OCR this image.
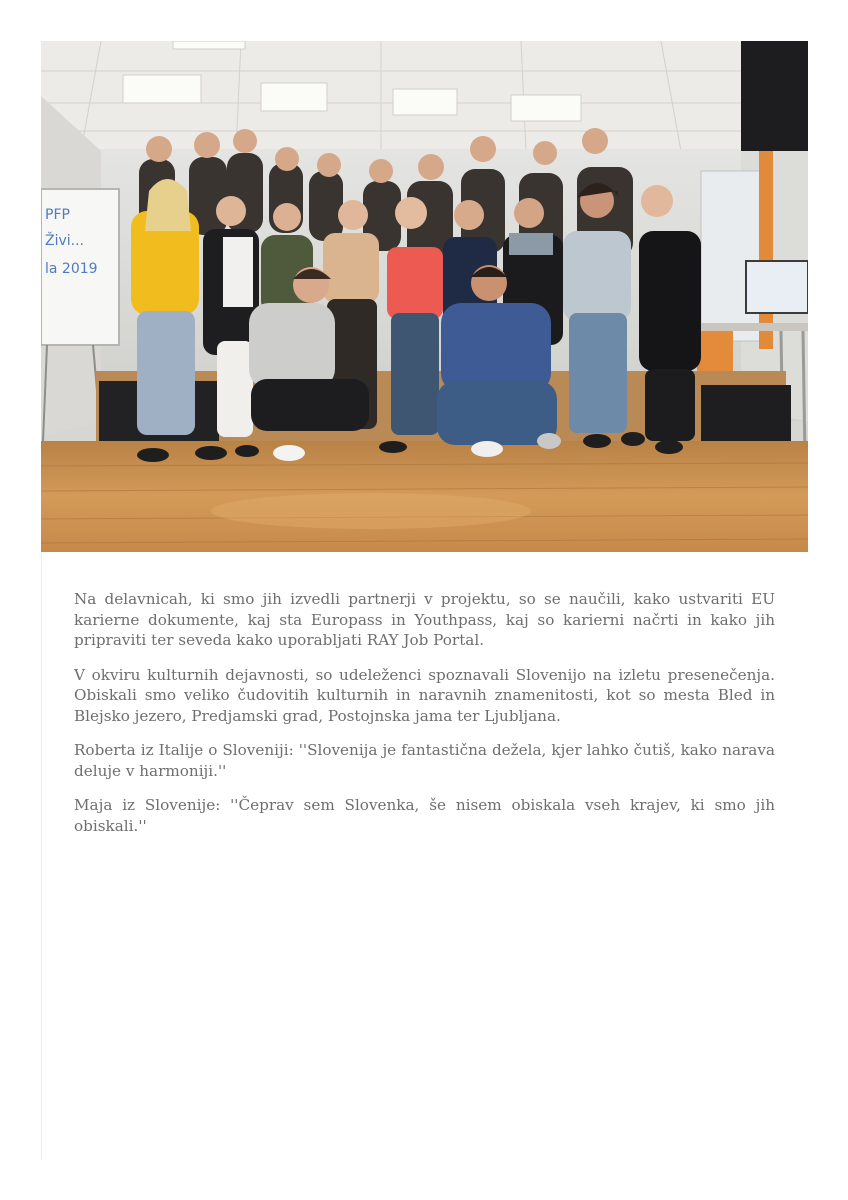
PFP
Živi...
la 2019

Na delavnicah, ki smo jih izvedli partnerji v projektu, so se naučili, kako ustvariti EU karierne dokumente, kaj sta Europass in Youthpass, kaj so karierni načrti in kako jih pripraviti ter seveda kako uporabljati RAY Job Portal.

V okviru kulturnih dejavnosti, so udeleženci spoznavali Slovenijo na izletu presenečenja. Obiskali smo veliko čudovitih kulturnih in naravnih znamenitosti, kot so mesta Bled in Blejsko jezero, Predjamski grad, Postojnska jama ter Ljubljana.

Roberta iz Italije o Sloveniji: ''Slovenija je fantastična dežela, kjer lahko čutiš, kako narava deluje v harmoniji.''

Maja iz Slovenije: ''Čeprav sem Slovenka, še nisem obiskala vseh krajev, ki smo jih obiskali.''
